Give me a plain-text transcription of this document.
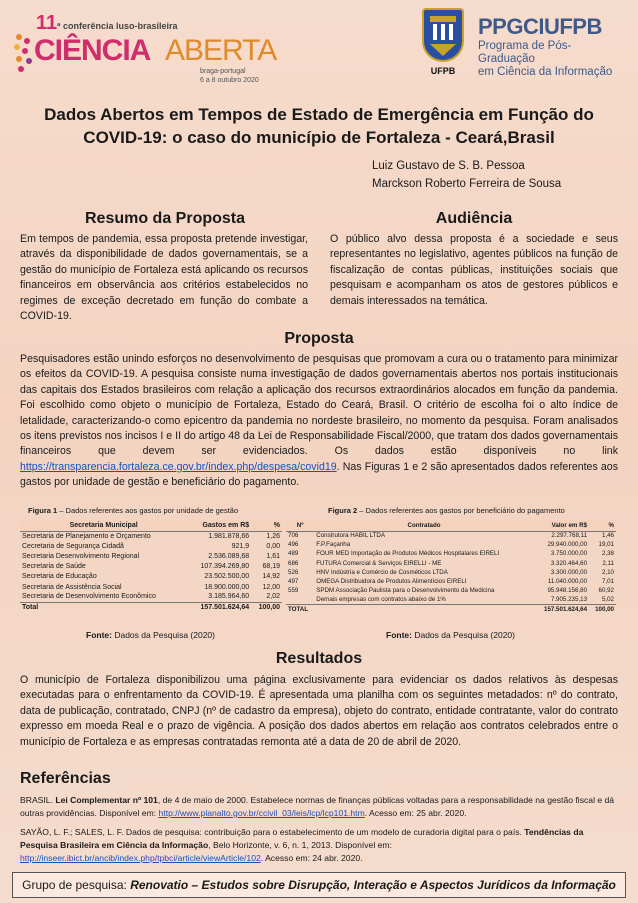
11ª conferência luso-brasileira
CIÊNCIA ABERTA
braga-portugal
6 a 8 outubro 2020
UFPB
PPGCIUFPB
Programa de Pós-Graduação
em Ciência da Informação
Dados Abertos em Tempos de Estado de Emergência em Função do COVID-19: o caso do município de Fortaleza - Ceará,Brasil
Luiz Gustavo de S. B. Pessoa
Marckson Roberto Ferreira de Sousa
Resumo da Proposta
Em tempos de pandemia, essa proposta pretende investigar, através da disponibilidade de dados governamentais, se a gestão do município de Fortaleza está aplicando os recursos financeiros em observância aos critérios estabelecidos no regimes de exceção decretado em função do combate a COVID-19.
Audiência
O público alvo dessa proposta é a sociedade e seus representantes no legislativo, agentes públicos na função de fiscalização de contas públicas, instituições sociais que pesquisam e acompanham os atos de gestores públicos e demais interessados na temática.
Proposta
Pesquisadores estão unindo esforços no desenvolvimento de pesquisas que promovam a cura ou o tratamento para minimizar os efeitos da COVID-19. A pesquisa consiste numa investigação de dados governamentais abertos nos portais institucionais das capitais dos Estados brasileiros com relação a aplicação dos recursos extraordinários alocados em função da pandemia. Foi escolhido como objeto o município de Fortaleza, Estado do Ceará, Brasil. O critério de escolha foi o alto índice de letalidade, caracterizando-o como epicentro da pandemia no nordeste brasileiro, no momento da pesquisa. Foram analisados os itens previstos nos incisos I e II do artigo 48 da Lei de Responsabilidade Fiscal/2000, que tratam dos dados governamentais financeiros que devem ser evidenciados. Os dados estão disponíveis no link https://transparencia.fortaleza.ce.gov.br/index.php/despesa/covid19. Nas Figuras 1 e 2 são apresentados dados referentes aos gastos por unidade de gestão e beneficiário do pagamento.
Figura 1 – Dados referentes aos gastos por unidade de gestão
Secretaria Municipal	Gastos em R$	%
Secretaria de Planejamento e Orçamento	1.981.878,66	1,26
Cecretaria de Segurança Cidadã	921,9	0,00
Secretaria Desenvolvimento Regional	2.536.089,68	1,61
Secretaria de Saúde	107.394.269,80	68,19
Secretaria de Educação	23.502.500,00	14,92
Secretaria de Assistência Social	18.900.000,00	12,00
Secretaria de Desenvolvimento Econômico	3.185.964,60	2,02
Total	157.501.624,64	100,00
Fonte: Dados da Pesquisa (2020)
Figura 2 – Dados referentes aos gastos por beneficiário do pagamento
Nº	Contratado	Valor em R$	%
706	Construtora HABIL LTDA	2.297.768,11	1,46
496	F.P.Façanha	29.940.000,00	19,01
489	FOUR MED Importação de Produtos Médicos Hospitalares EIRELI	3.750.000,00	2,38
686	FUTURA Comercial & Serviços EIRELLI - ME	3.320.464,60	2,11
526	HNV Indústria e Comércio de Cosméticos LTDA	3.300.000,00	2,10
497	OMEGA Distribuidora de Produtos Alimentícios EIRELI	11.040.000,00	7,01
559	SPDM Associação Paulista para o Desenvolvimento da Medicina	95.948.156,80	60,92
	Demais empresas com contratos abaixo de 1%	7.905.235,13	5,02
TOTAL		157.501.624,64	100,00
Fonte: Dados da Pesquisa (2020)
Resultados
O município de Fortaleza disponibilizou uma página exclusivamente para evidenciar os dados relativos às despesas executadas para o enfrentamento da COVID-19. É apresentada uma planilha com os seguintes metadados: nº do contrato, data de publicação, contratado, CNPJ (nº de cadastro da empresa), objeto do contrato, entidade contratante, valor do contrato expresso em moeda Real e o prazo de vigência. A posição dos dados abertos em relação aos contratos celebrados entre o município de Fortaleza e as empresas contratadas remonta até a data de 20 de abril de 2020.
Referências

BRASIL. Lei Complementar nº 101, de 4 de maio de 2000. Estabelece normas de finanças públicas voltadas para a responsabilidade na gestão fiscal e dá outras providências. Disponível em: http://www.planalto.gov.br/ccivil_03/leis/lcp/lcp101.htm. Acesso em: 25 abr. 2020.

SAYÃO, L. F.; SALES, L. F. Dados de pesquisa: contribuição para o estabelecimento de um modelo de curadoria digital para o país. Tendências da Pesquisa Brasileira em Ciência da Informação, Belo Horizonte, v. 6, n. 1, 2013. Disponível em: http://inseer.ibict.br/ancib/index.php/tpbci/article/viewArticle/102. Acesso em: 24 abr. 2020.

Grupo de pesquisa: Renovatio – Estudos sobre Disrupção, Interação e Aspectos Jurídicos da Informação
